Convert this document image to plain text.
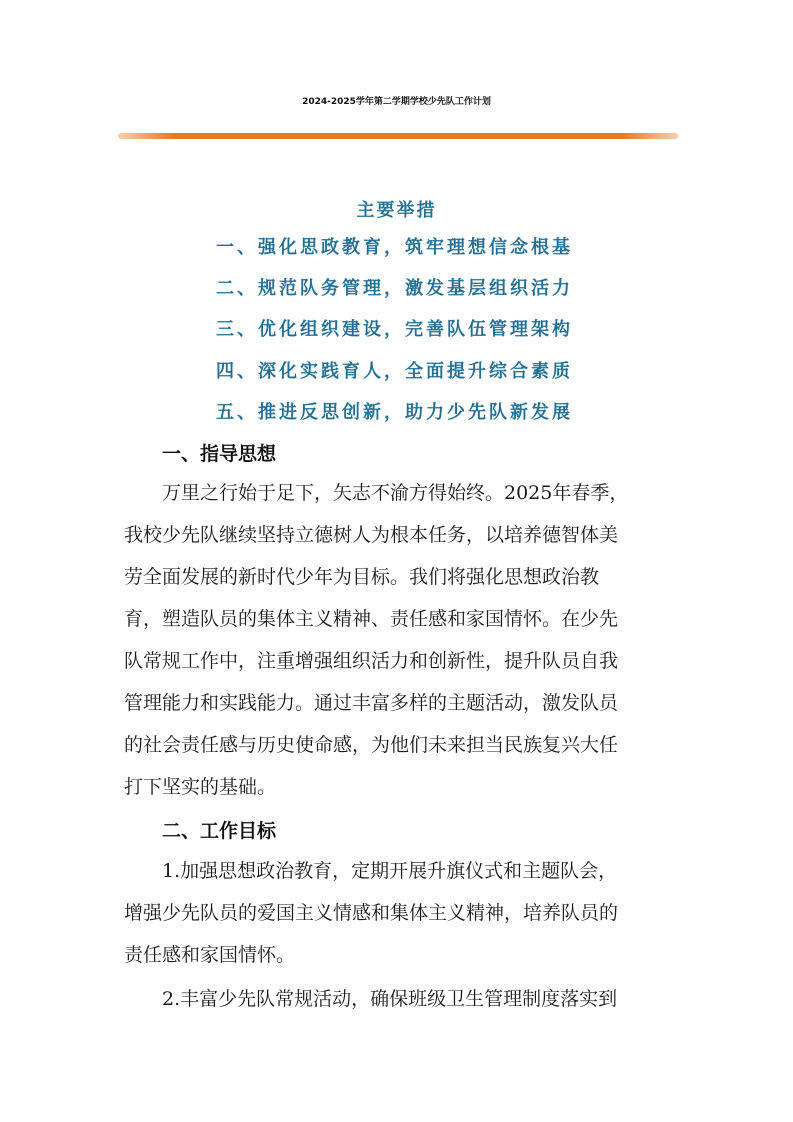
2024-2025学年第二学期学校少先队工作计划
主要举措
一、强化思政教育，筑牢理想信念根基
二、规范队务管理，激发基层组织活力
三、优化组织建设，完善队伍管理架构
四、深化实践育人，全面提升综合素质
五、推进反思创新，助力少先队新发展
一、指导思想
万里之行始于足下，矢志不渝方得始终。2025年春季，
我校少先队继续坚持立德树人为根本任务，以培养德智体美
劳全面发展的新时代少年为目标。我们将强化思想政治教
育，塑造队员的集体主义精神、责任感和家国情怀。在少先
队常规工作中，注重增强组织活力和创新性，提升队员自我
管理能力和实践能力。通过丰富多样的主题活动，激发队员
的社会责任感与历史使命感，为他们未来担当民族复兴大任
打下坚实的基础。
二、工作目标
1.加强思想政治教育，定期开展升旗仪式和主题队会，
增强少先队员的爱国主义情感和集体主义精神，培养队员的
责任感和家国情怀。
2.丰富少先队常规活动，确保班级卫生管理制度落实到
